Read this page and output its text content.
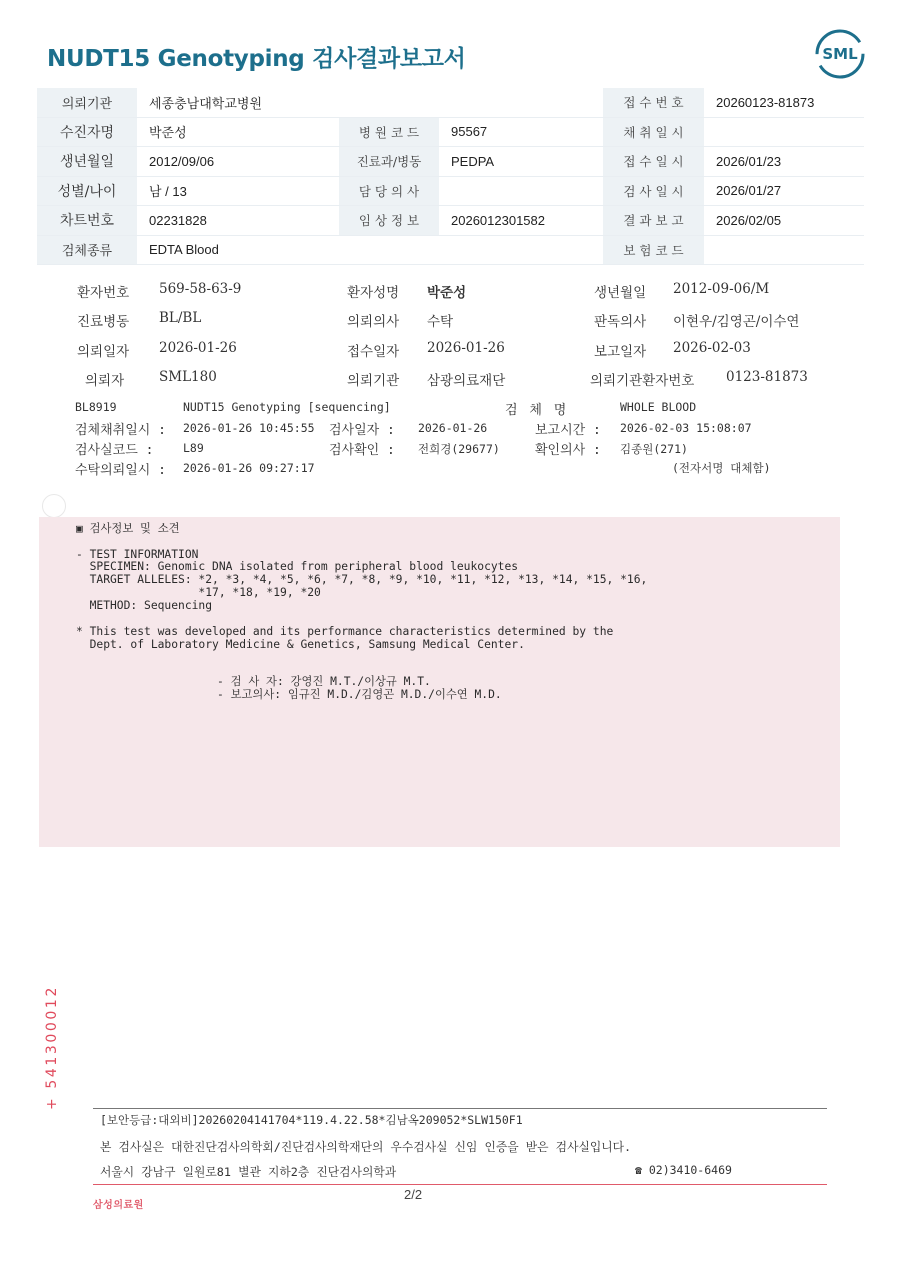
NUDT15 Genotyping 검사결과보고서	SML
의뢰기관	세종충남대학교병원			접 수 번 호	20260123-81873
수진자명	박준성	병 원 코 드	95567	채 취 일 시	
생년월일	2012/09/06	진료과/병동	PEDPA	접 수 일 시	2026/01/23
성별/나이	남 / 13	담 당 의 사		검 사 일 시	2026/01/27
차트번호	02231828	임 상 정 보	2026012301582	결 과 보 고	2026/02/05
검체종류	EDTA Blood			보 험 코 드	
환자번호 569-58-63-9	환자성명 박준성	생년월일 2012-09-06/M
진료병동 BL/BL	의뢰의사 수탁	판독의사 이현우/김영곤/이수연
의뢰일자 2026-01-26	접수일자 2026-01-26	보고일자 2026-02-03
의뢰자	SML180	의뢰기관 삼광의료재단	의뢰기관환자번호 0123-81873
BL8919	NUDT15 Genotyping [sequencing]	검 체 명	WHOLE BLOOD
검체채취일시 : 2026-01-26 10:45:55 검사일자 : 2026-01-26	보고시간 : 2026-02-03 15:08:07
검사실코드 :	L89	검사확인 : 전희경(29677)	확인의사 : 김종원(271)
수탁의뢰일시 : 2026-01-26 09:27:17	(전자서명 대체함)
▣ 검사정보 및 소견
- TEST INFORMATION
SPECIMEN: Genomic DNA isolated from peripheral blood leukocytes
TARGET ALLELES: *2, *3, *4, *5, *6, *7, *8, *9, *10, *11, *12, *13, *14, *15, *16,
*17, *18, *19, *20
METHOD: Sequencing
* This test was developed and its performance characteristics determined by the
Dept. of Laboratory Medicine & Genetics, Samsung Medical Center.
- 검 사 자: 강영진 M.T./이상규 M.T.
- 보고의사: 임규진 M.D./김영곤 M.D./이수연 M.D.
+ 541300012
[보안등급:대외비]20260204141704*119.4.22.58*김남옥209052*SLW150F1
본 검사실은 대한진단검사의학회/진단검사의학재단의 우수검사실 신임 인증을 받은 검사실입니다.
서울시 강남구 일원로81 별관 지하2층 진단검사의학과	☎ 02)3410-6469
2/2
삼성의료원
